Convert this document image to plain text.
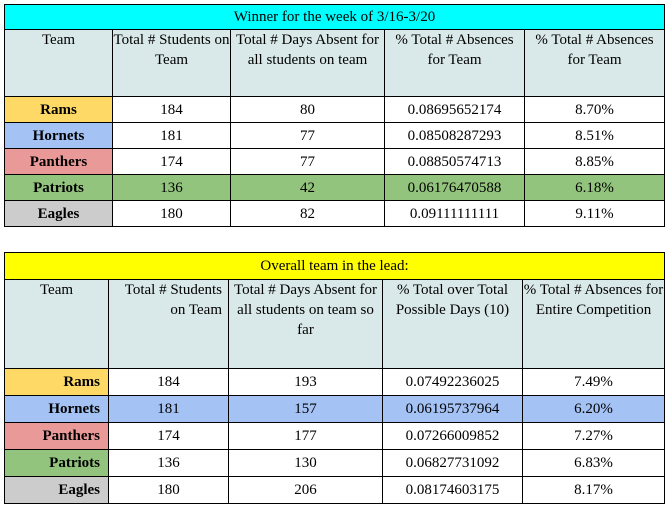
Winner for the week of 3/16-3/20				
Team	Total # Students on Team	Total # Days Absent for all students on team	% Total # Absences for Team	% Total # Absences for Team
Rams	184	80	0.08695652174	8.70%
Hornets	181	77	0.08508287293	8.51%
Panthers	174	77	0.08850574713	8.85%
Patriots	136	42	0.06176470588	6.18%
Eagles	180	82	0.09111111111	9.11%
Overall team in the lead:				
Team	Total # Students on Team	Total # Days Absent for all students on team so far	% Total over Total Possible Days (10)	% Total # Absences for Entire Competition
Rams	184	193	0.07492236025	7.49%
Hornets	181	157	0.06195737964	6.20%
Panthers	174	177	0.07266009852	7.27%
Patriots	136	130	0.06827731092	6.83%
Eagles	180	206	0.08174603175	8.17%
